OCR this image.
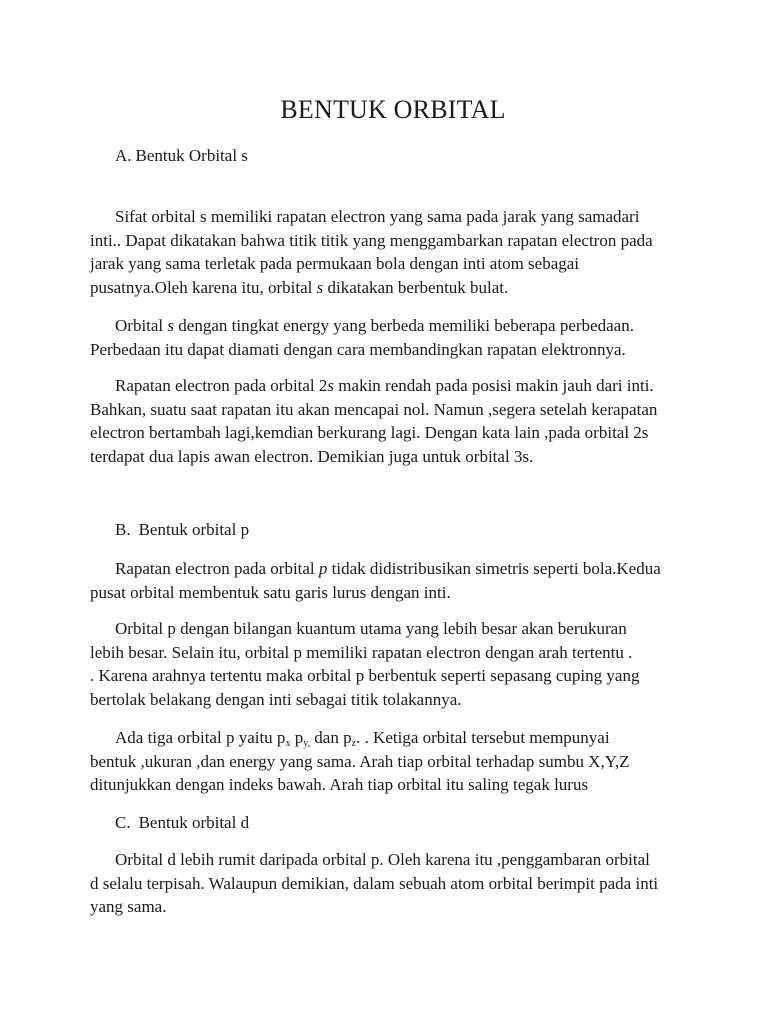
BENTUK ORBITAL
A. Bentuk Orbital s

Sifat orbital s memiliki rapatan electron yang sama pada jarak yang samadari
inti.. Dapat dikatakan bahwa titik titik yang menggambarkan rapatan electron pada
jarak yang sama terletak pada permukaan bola dengan inti atom sebagai
pusatnya.Oleh karena itu, orbital s dikatakan berbentuk bulat.

Orbital s dengan tingkat energy yang berbeda memiliki beberapa perbedaan.
Perbedaan itu dapat diamati dengan cara membandingkan rapatan elektronnya.

Rapatan electron pada orbital 2s makin rendah pada posisi makin jauh dari inti.
Bahkan, suatu saat rapatan itu akan mencapai nol. Namun ,segera setelah kerapatan
electron bertambah lagi,kemdian berkurang lagi. Dengan kata lain ,pada orbital 2s
terdapat dua lapis awan electron. Demikian juga untuk orbital 3s.

B. Bentuk orbital p

Rapatan electron pada orbital p tidak didistribusikan simetris seperti bola.Kedua
pusat orbital membentuk satu garis lurus dengan inti.

Orbital p dengan bilangan kuantum utama yang lebih besar akan berukuran
lebih besar. Selain itu, orbital p memiliki rapatan electron dengan arah tertentu .
. Karena arahnya tertentu maka orbital p berbentuk seperti sepasang cuping yang
bertolak belakang dengan inti sebagai titik tolakannya.

Ada tiga orbital p yaitu $p_x$ $p_{y,}$ dan $p_z$. . Ketiga orbital tersebut mempunyai
bentuk ,ukuran ,dan energy yang sama. Arah tiap orbital terhadap sumbu X,Y,Z
ditunjukkan dengan indeks bawah. Arah tiap orbital itu saling tegak lurus

C. Bentuk orbital d

Orbital d lebih rumit daripada orbital p. Oleh karena itu ,penggambaran orbital
d selalu terpisah. Walaupun demikian, dalam sebuah atom orbital berimpit pada inti
yang sama.
